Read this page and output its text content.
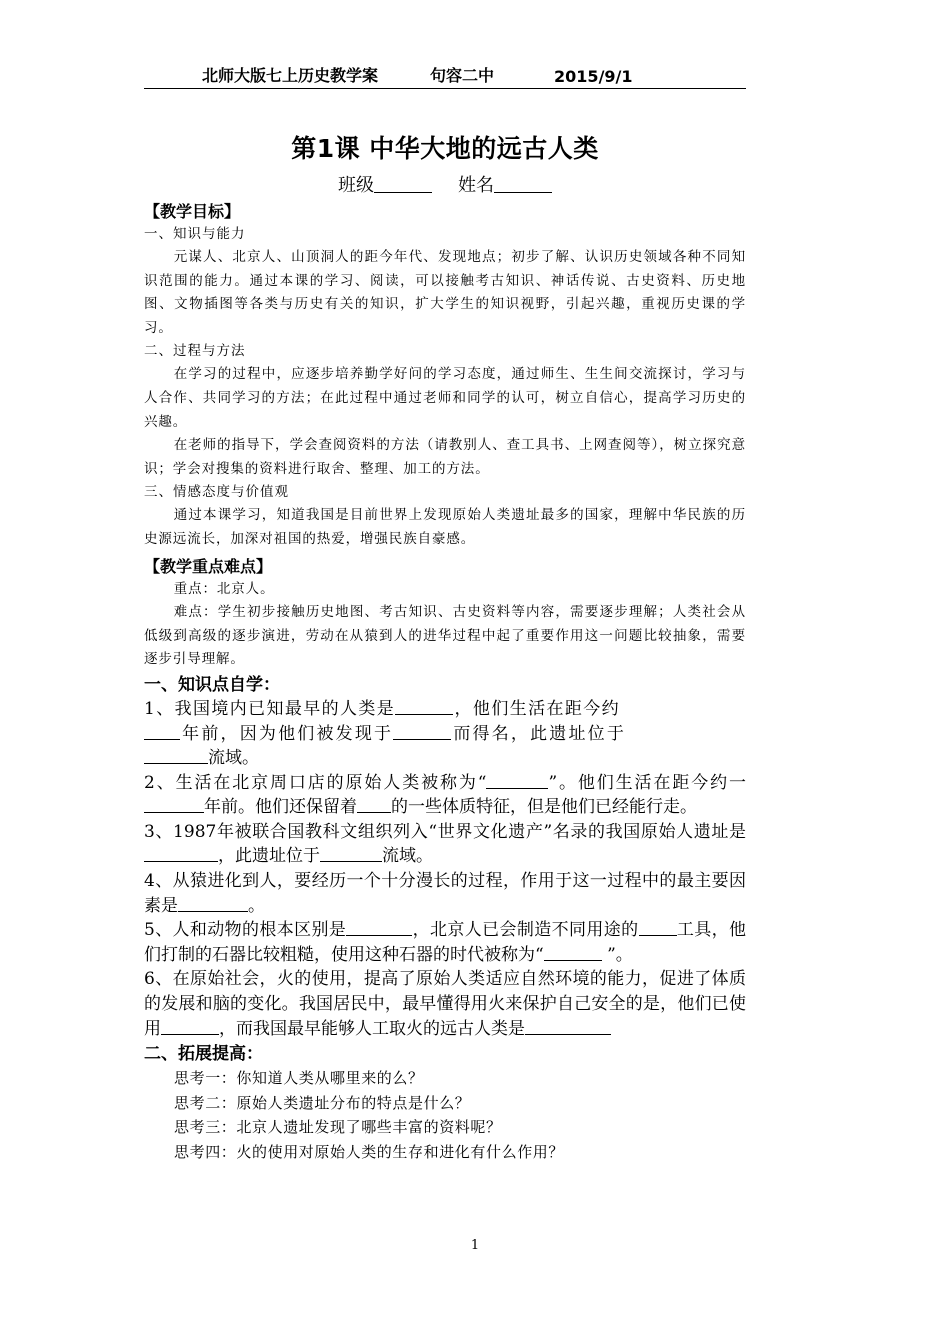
北师大版七上历史教学案	句容二中	2015/9/1
第1课 中华大地的远古人类
班级	姓名
【教学目标】
一、知识与能力
元谋人、北京人、山顶洞人的距今年代、发现地点；初步了解、认识历史领域各种不同知识范围的能力。通过本课的学习、阅读，可以接触考古知识、神话传说、古史资料、历史地图、文物插图等各类与历史有关的知识，扩大学生的知识视野，引起兴趣，重视历史课的学习。
二、过程与方法
在学习的过程中，应逐步培养勤学好问的学习态度，通过师生、生生间交流探讨，学习与人合作、共同学习的方法；在此过程中通过老师和同学的认可，树立自信心，提高学习历史的兴趣。
在老师的指导下，学会查阅资料的方法（请教别人、查工具书、上网查阅等），树立探究意识；学会对搜集的资料进行取舍、整理、加工的方法。
三、情感态度与价值观
通过本课学习，知道我国是目前世界上发现原始人类遗址最多的国家，理解中华民族的历史源远流长，加深对祖国的热爱，增强民族自豪感。
【教学重点难点】
重点：北京人。
难点：学生初步接触历史地图、考古知识、古史资料等内容，需要逐步理解；人类社会从低级到高级的逐步演进，劳动在从猿到人的进华过程中起了重要作用这一问题比较抽象，需要逐步引导理解。
一、知识点自学：
1、我国境内已知最早的人类是	，他们生活在距今约年前，因为他们被发现于	而得名，此遗址位于流域。
2、生活在北京周口店的原始人类被称为“	”。他们生活在距今约一年前。他们还保留着 的一些体质特征，但是他们已经能行走。
3、1987年被联合国教科文组织列入“世界文化遗产”名录的我国原始人遗址是，此遗址位于	流域。
4、从猿进化到人，要经历一个十分漫长的过程，作用于这一过程中的最主要因素是	。
5、人和动物的根本区别是	，北京人已会制造不同用途的 工具，他们打制的石器比较粗糙，使用这种石器的时代被称为“	”。
6、在原始社会，火的使用，提高了原始人类适应自然环境的能力，促进了体质的发展和脑的变化。我国居民中，最早懂得用火来保护自己安全的是，他们已使用	，而我国最早能够人工取火的远古人类是
二、拓展提高：
思考一：你知道人类从哪里来的么？
思考二：原始人类遗址分布的特点是什么？
思考三：北京人遗址发现了哪些丰富的资料呢？
思考四：火的使用对原始人类的生存和进化有什么作用？
1
